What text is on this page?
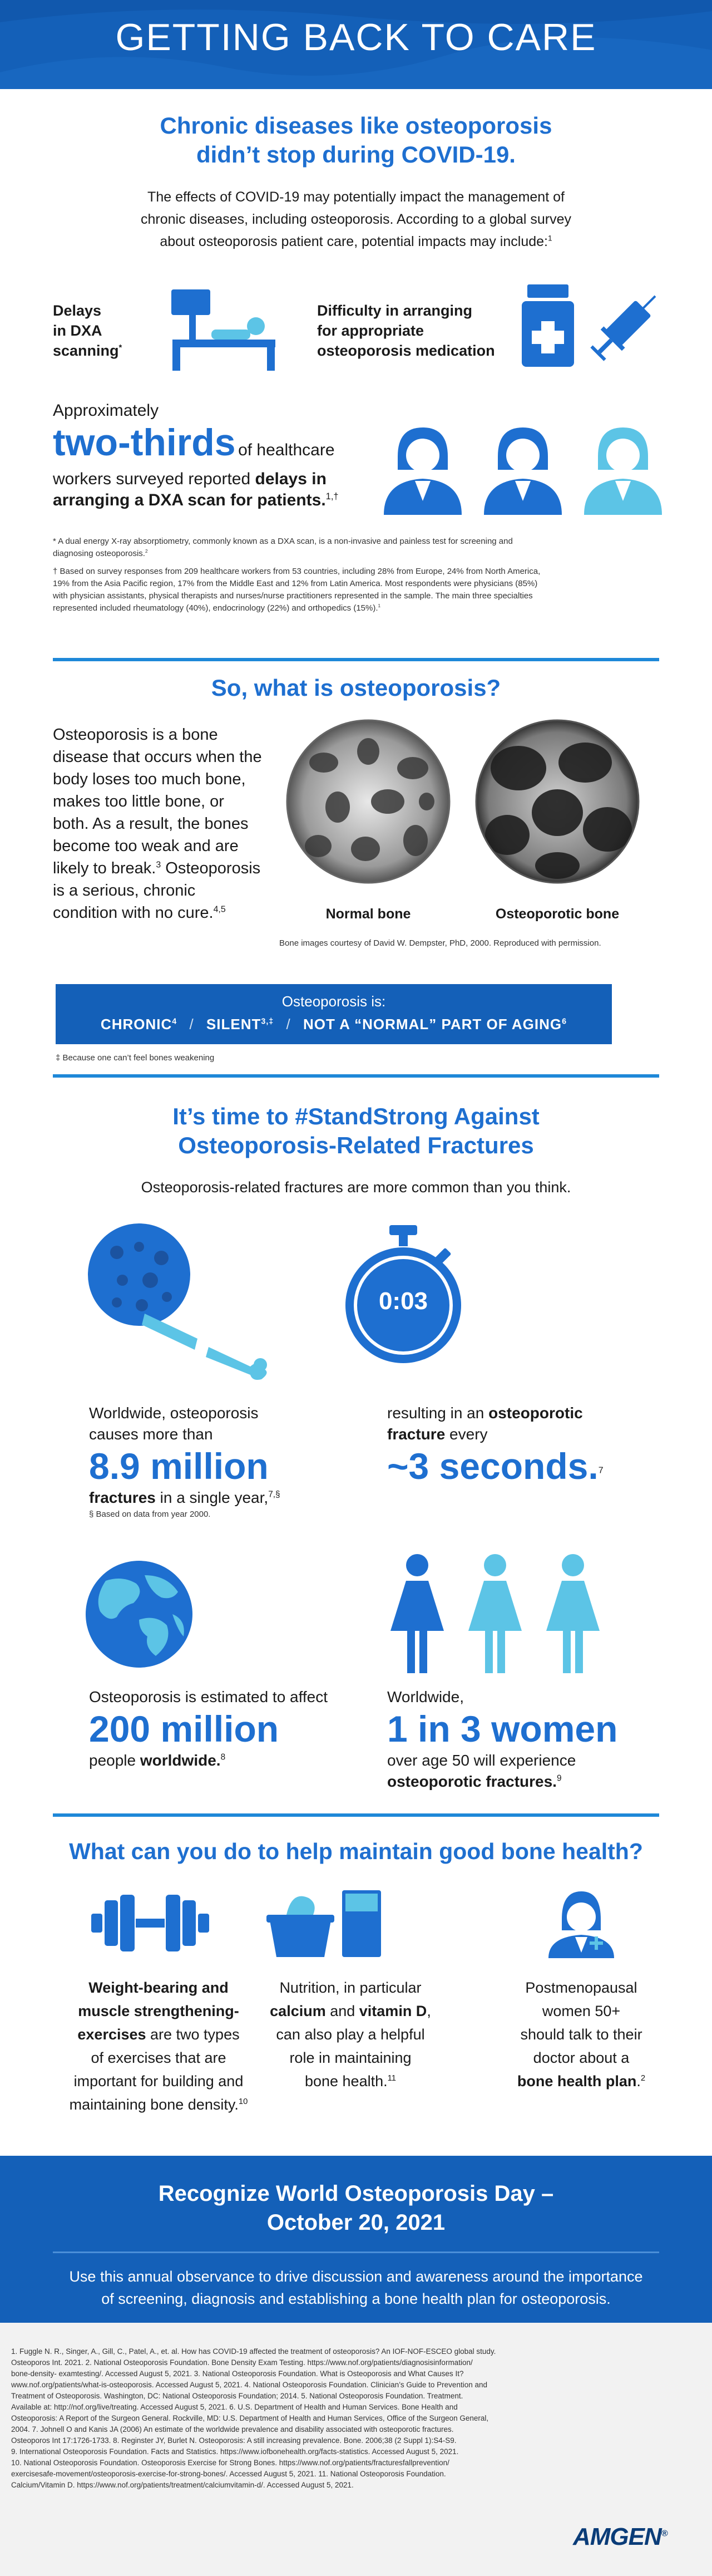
GETTING BACK TO CARE
Chronic diseases like osteoporosis
didn’t stop during COVID-19.
The effects of COVID-19 may potentially impact the management of
chronic diseases, including osteoporosis. According to a global survey
about osteoporosis patient care, potential impacts may include:$^1$
Delays
in DXA
scanning*
Difficulty in arranging
for appropriate
osteoporosis medication
Approximately
two-thirds of healthcare
workers surveyed reported delays in
arranging a DXA scan for patients.$^{1,\dagger}$
* A dual energy X-ray absorptiometry, commonly known as a DXA scan, is a non-invasive and painless test for screening and
diagnosing osteoporosis.$^2$
† Based on survey responses from 209 healthcare workers from 53 countries, including 28% from Europe, 24% from North America,
19% from the Asia Pacific region, 17% from the Middle East and 12% from Latin America. Most respondents were physicians (85%)
with physician assistants, physical therapists and nurses/nurse practitioners represented in the sample. The main three specialties
represented included rheumatology (40%), endocrinology (22%) and orthopedics (15%).$^1$
So, what is osteoporosis?
Osteoporosis is a bone
disease that occurs when the
body loses too much bone,
makes too little bone, or
both. As a result, the bones
become too weak and are
likely to break.$^3$ Osteoporosis
is a serious, chronic
condition with no cure.$^{4,5}$	Normal bone	Osteoporotic bone
Bone images courtesy of David W. Dempster, PhD, 2000. Reproduced with permission.
Osteoporosis is:
CHRONIC$^4$ / $SILENT^{3,\ddagger}$ / NOT A “NORMAL” PART OF AGING$^6$
‡ Because one can’t feel bones weakening
It’s time to #StandStrong Against
Osteoporosis-Related Fractures
Osteoporosis-related fractures are more common than you think.
0:03
Worldwide, osteoporosis
causes more than
8.9 million
fractures in a single year,$^{7,\S}$
§ Based on data from year 2000.
resulting in an osteoporotic
fracture every
~3 seconds.$^7$
Osteoporosis is estimated to affect
200 million
people worldwide.$^8$
Worldwide,
1 in 3 women
over age 50 will experience
osteoporotic fractures.$^9$
What can you do to help maintain good bone health?
Weight-bearing and
muscle strengthening-
exercises are two types
of exercises that are
important for building and
maintaining bone density.$^{10}$
Nutrition, in particular
calcium and vitamin D,
can also play a helpful
role in maintaining
bone health.$^{11}$
Postmenopausal
women 50+
should talk to their
doctor about a
bone health plan.$^2$
Recognize World Osteoporosis Day –
October 20, 2021
Use this annual observance to drive discussion and awareness around the importance
of screening, diagnosis and establishing a bone health plan for osteoporosis.
1. Fuggle N. R., Singer, A., Gill, C., Patel, A., et. al. How has COVID-19 affected the treatment of osteoporosis? An IOF-NOF-ESCEO global study.
Osteoporos Int. 2021. 2. National Osteoporosis Foundation. Bone Density Exam Testing. https://www.nof.org/patients/diagnosisinformation/
bone-density- examtesting/. Accessed August 5, 2021. 3. National Osteoporosis Foundation. What is Osteoporosis and What Causes It?
www.nof.org/patients/what-is-osteoporosis. Accessed August 5, 2021. 4. National Osteoporosis Foundation. Clinician’s Guide to Prevention and
Treatment of Osteoporosis. Washington, DC: National Osteoporosis Foundation; 2014. 5. National Osteoporosis Foundation. Treatment.
Available at: http://nof.org/live/treating. Accessed August 5, 2021. 6. U.S. Department of Health and Human Services. Bone Health and
Osteoporosis: A Report of the Surgeon General. Rockville, MD: U.S. Department of Health and Human Services, Office of the Surgeon General,
2004. 7. Johnell O and Kanis JA (2006) An estimate of the worldwide prevalence and disability associated with osteoporotic fractures.
Osteoporos Int 17:1726-1733. 8. Reginster JY, Burlet N. Osteoporosis: A still increasing prevalence. Bone. 2006;38 (2 Suppl 1):S4-S9.
9. International Osteoporosis Foundation. Facts and Statistics. https://www.iofbonehealth.org/facts-statistics. Accessed August 5, 2021.
10. National Osteoporosis Foundation. Osteoporosis Exercise for Strong Bones. https://www.nof.org/patients/fracturesfallprevention/
exercisesafe-movement/osteoporosis-exercise-for-strong-bones/. Accessed August 5, 2021. 11. National Osteoporosis Foundation.
Calcium/Vitamin D. https://www.nof.org/patients/treatment/calciumvitamin-d/. Accessed August 5, 2021.
AMGEN®
